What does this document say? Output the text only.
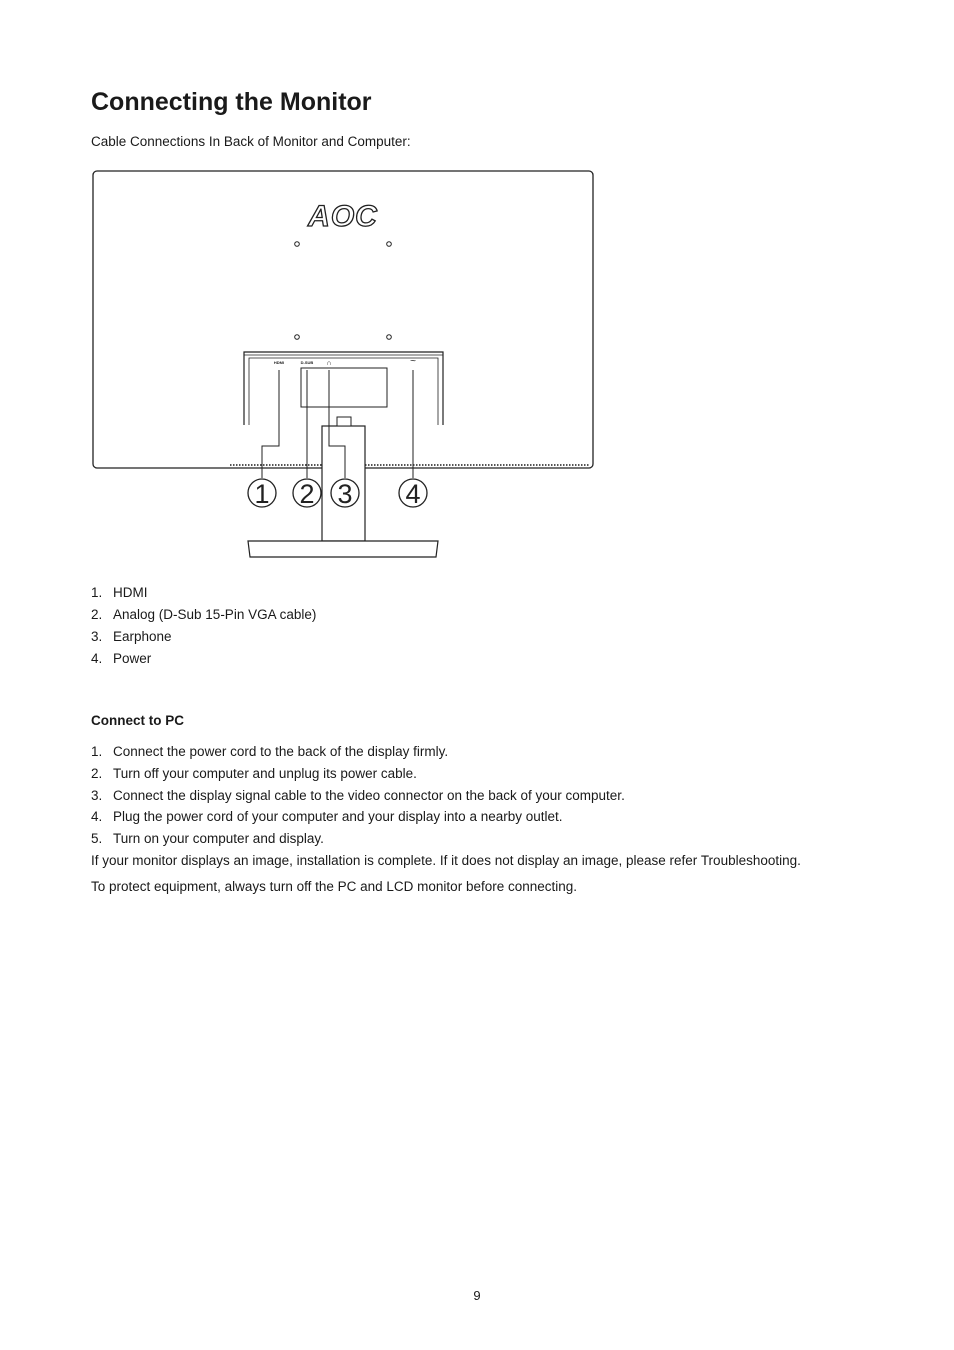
Connecting the Monitor
Cable Connections In Back of Monitor and Computer:
AOC
HDMI	D-SUB ∩	~
1 2 3 4
1. HDMI
2. Analog (D-Sub 15-Pin VGA cable)
3. Earphone
4. Power
Connect to PC
1. Connect the power cord to the back of the display firmly.
2. Turn off your computer and unplug its power cable.
3. Connect the display signal cable to the video connector on the back of your computer.
4. Plug the power cord of your computer and your display into a nearby outlet.
5. Turn on your computer and display.
If your monitor displays an image, installation is complete. If it does not display an image, please refer Troubleshooting.
To protect equipment, always turn off the PC and LCD monitor before connecting.
9
